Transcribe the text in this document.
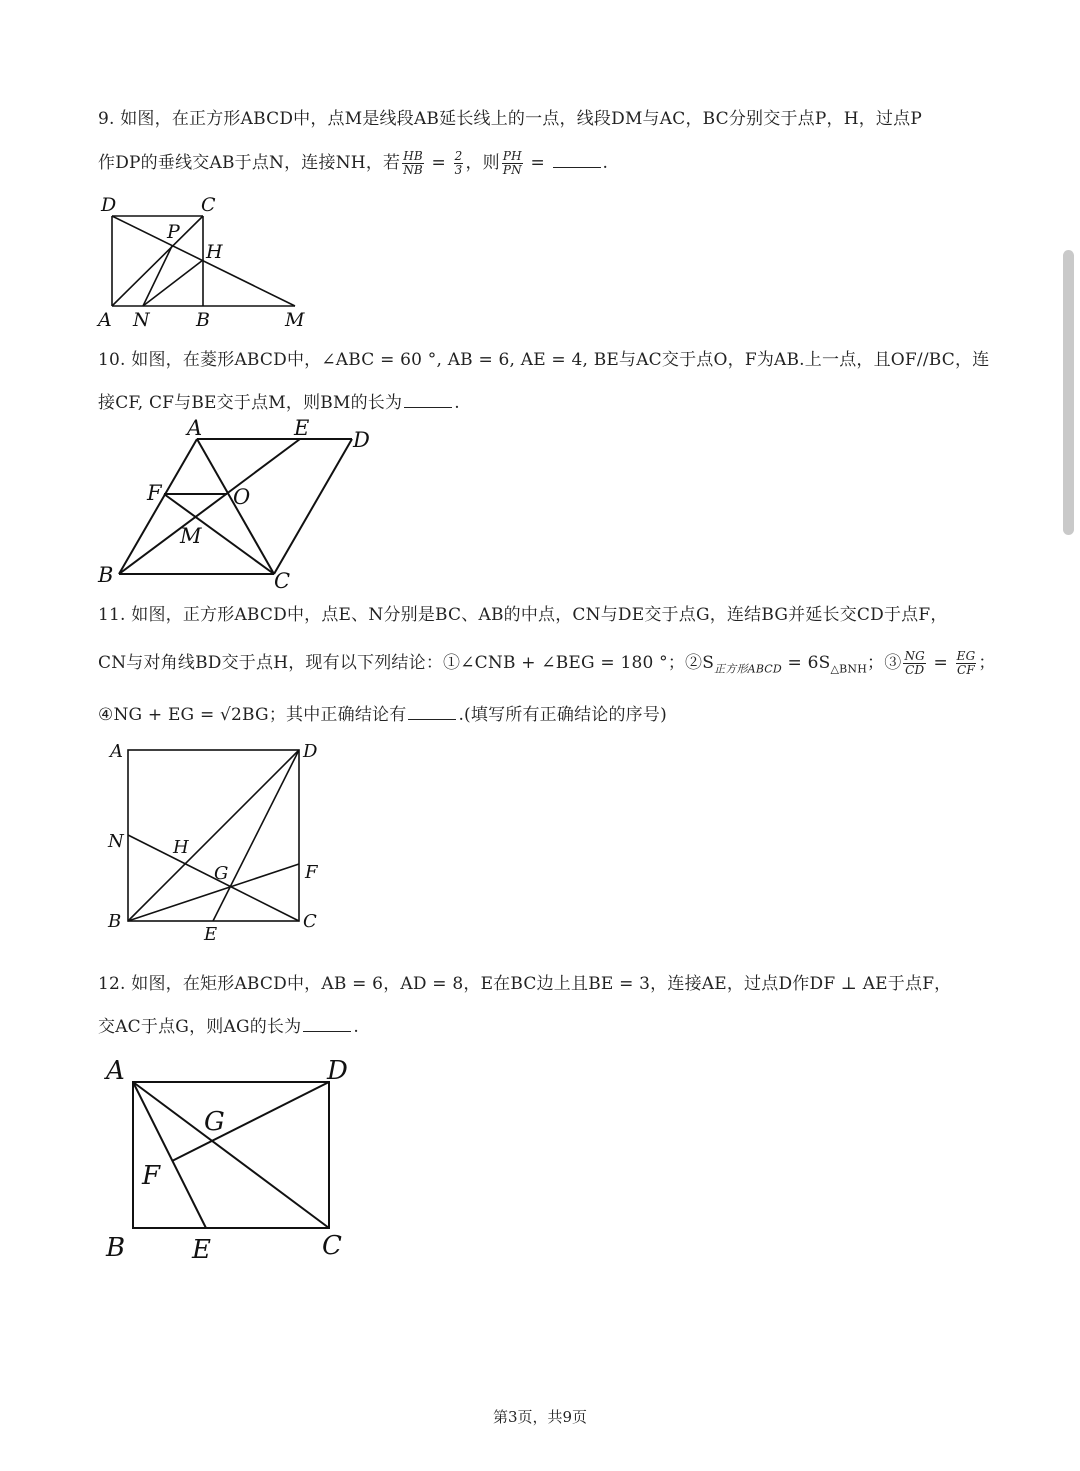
9. 如图，在正方形ABCD中，点M是线段AB延长线上的一点，线段DM与AC，BC分别交于点P，H，过点P
作DP的垂线交AB于点N，连接NH，若 $\frac{HB}{NB} = \frac{2}{3}$ ，则 $\frac{PH}{PN}$ =	.
D	C
P
H
A N B	M
10. 如图，在菱形ABCD中，∠ABC = 60 °, AB = 6, AE = 4, BE与AC交于点O，F为AB.上一点，且OF//BC，连
接CF, CF与BE交于点M，则BM的长为	.
A	E D
F	O
M
B	C
11. 如图，正方形ABCD中，点E、N分别是BC、AB的中点，CN与DE交于点G，连结BG并延长交CD于点F，
CN与对角线BD交于点H，现有以下列结论：①∠CNB + ∠BEG = 180 °；$②S_{正方形ABCD} = 6S_{\triangle BNH}$；③ $\frac{NG}{CD} = \frac{EG}{CF}$ ；
④NG + EG = √2BG；其中正确结论有	.(填写所有正确结论的序号)
A	D
N	H
G	F
B
E
C
12. 如图，在矩形ABCD中，AB = 6，AD = 8，E在BC边上且BE = 3，连接AE，过点D作DF ⊥ AE于点F，
交AC于点G，则AG的长为	.
A	D
G
F
B	E	C
第3页，共9页
